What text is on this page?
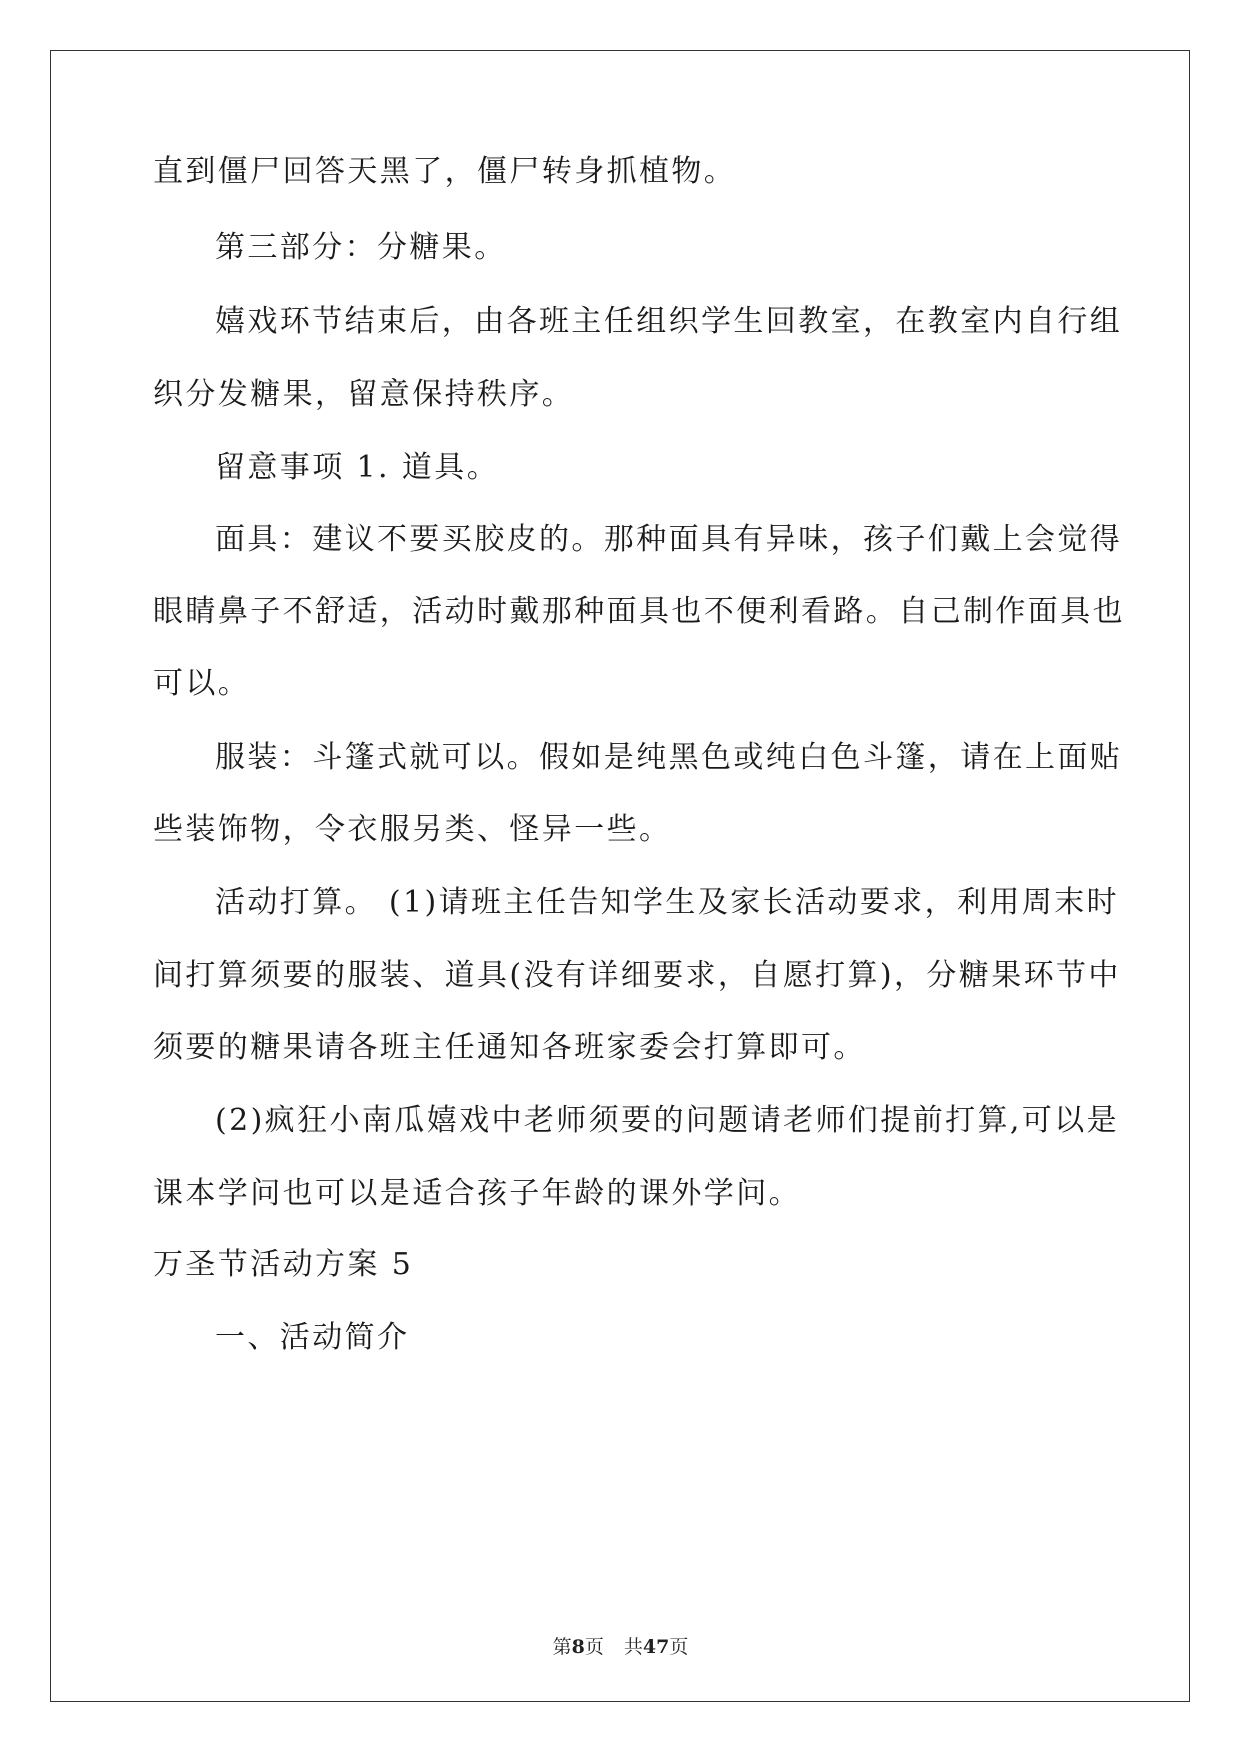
直到僵尸回答天黑了，僵尸转身抓植物。
第三部分：分糖果。
嬉戏环节结束后，由各班主任组织学生回教室，在教室内自行组
织分发糖果，留意保持秩序。
留意事项 1. 道具。
面具：建议不要买胶皮的。那种面具有异味，孩子们戴上会觉得
眼睛鼻子不舒适，活动时戴那种面具也不便利看路。自己制作面具也
可以。
服装：斗篷式就可以。假如是纯黑色或纯白色斗篷，请在上面贴
些装饰物，令衣服另类、怪异一些。
活动打算。 (1)请班主任告知学生及家长活动要求，利用周末时
间打算须要的服装、道具(没有详细要求，自愿打算)，分糖果环节中
须要的糖果请各班主任通知各班家委会打算即可。
(2)疯狂小南瓜嬉戏中老师须要的问题请老师们提前打算,可以是
课本学问也可以是适合孩子年龄的课外学问。
万圣节活动方案 5
一、活动简介
第8页 共47页
